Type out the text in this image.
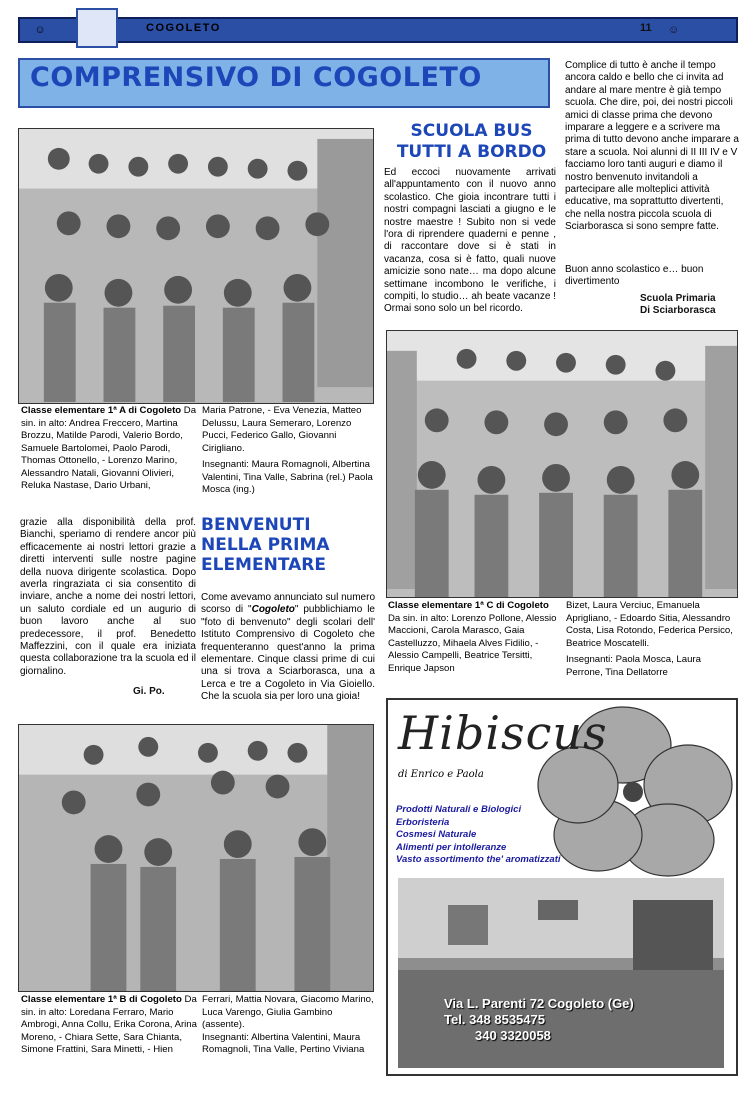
☺	COGOLETO	11 ☺
COMPRENSIVO DI COGOLETO
Classe elementare 1ª A di Cogoleto Da sin. in alto: Andrea Freccero, Martina Brozzu, Matilde Parodi, Valerio Bordo, Samuele Bartolomei, Paolo Parodi, Thomas Ottonello, - Lorenzo Marino, Alessandro Natali, Giovanni Olivieri, Reluka Nastase, Dario Urbani,
Maria Patrone, - Eva Venezia, Matteo Delussu, Laura Semeraro, Lorenzo Pucci, Federico Gallo, Giovanni Cirigliano.
Insegnanti: Maura Romagnoli, Albertina Valentini, Tina Valle, Sabrina (rel.) Paola Mosca (ing.)
grazie alla disponibilità della prof. Bianchi, speriamo di rendere ancor più efficacemente ai nostri lettori grazie a diretti interventi sulle nostre pagine della nuova dirigente scolastica. Dopo averla ringraziata ci sia consentito di inviare, anche a nome dei nostri lettori, un saluto cordiale ed un augurio di buon lavoro anche al suo predecessore, il prof. Benedetto Maffezzini, con il quale era iniziata questa collaborazione tra la scuola ed il giornalino.
Gi. Po.
BENVENUTI
NELLA PRIMA
ELEMENTARE
Come avevamo annunciato sul numero scorso di "Cogoleto" pubblichiamo le "foto di benvenuto" degli scolari dell' Istituto Comprensivo di Cogoleto che frequenteranno quest'anno la prima elementare. Cinque classi prime di cui una si trova a Sciarborasca, una a Lerca e tre a Cogoleto in Via Gioiello. Che la scuola sia per loro una gioia!
SCUOLA BUS
TUTTI A BORDO
Ed eccoci nuovamente arrivati all'appuntamento con il nuovo anno scolastico. Che gioia incontrare tutti i nostri compagni lasciati a giugno e le nostre maestre ! Subito non si vede l'ora di riprendere quaderni e penne , di raccontare dove si è stati in vacanza, cosa si è fatto, quali nuove amicizie sono nate… ma dopo alcune settimane incombono le verifiche, i compiti, lo studio… ah beate vacanze ! Ormai sono solo un bel ricordo.
Complice di tutto è anche il tempo ancora caldo e bello che ci invita ad andare al mare mentre è già tempo scuola. Che dire, poi, dei nostri piccoli amici di classe prima che devono imparare a leggere e a scrivere ma prima di tutto devono anche imparare a stare a scuola. Noi alunni di II III IV e V facciamo loro tanti auguri e diamo il nostro benvenuto invitandoli a partecipare alle molteplici attività educative, ma soprattutto divertenti, che nella nostra piccola scuola di Sciarborasca si sono sempre fatte.
Buon anno scolastico e… buon divertimento
Scuola Primaria
Di Sciarborasca
Classe elementare 1ª C di Cogoleto Da sin. in alto: Lorenzo Pollone, Alessio Maccioni, Carola Marasco, Gaia Castelluzzo, Mihaela Alves Fidilio, - Alessio Campelli, Beatrice Tersitti, Enrique Japson
Bizet, Laura Verciuc, Emanuela Aprigliano, - Edoardo Sitia, Alessandro Costa, Lisa Rotondo, Federica Persico, Beatrice Moscatelli.
Insegnanti: Paola Mosca, Laura Perrone, Tina Dellatorre
Classe elementare 1ª B di Cogoleto Da sin. in alto: Loredana Ferraro, Mario Ambrogi, Anna Collu, Erika Corona, Arina Moreno, - Chiara Sette, Sara Chianta, Simone Frattini, Sara Minetti, - Hien
Ferrari, Mattia Novara, Giacomo Marino, Luca Varengo, Giulia Gambino (assente).
Insegnanti: Albertina Valentini, Maura Romagnoli, Tina Valle, Pertino Viviana
Hibiscus
di Enrico e Paola
Prodotti Naturali e Biologici
Erboristeria
Cosmesi Naturale
Alimenti per intolleranze
Vasto assortimento the' aromatizzati
Via L. Parenti 72 Cogoleto (Ge)
Tel. 348 8535475
340 3320058
